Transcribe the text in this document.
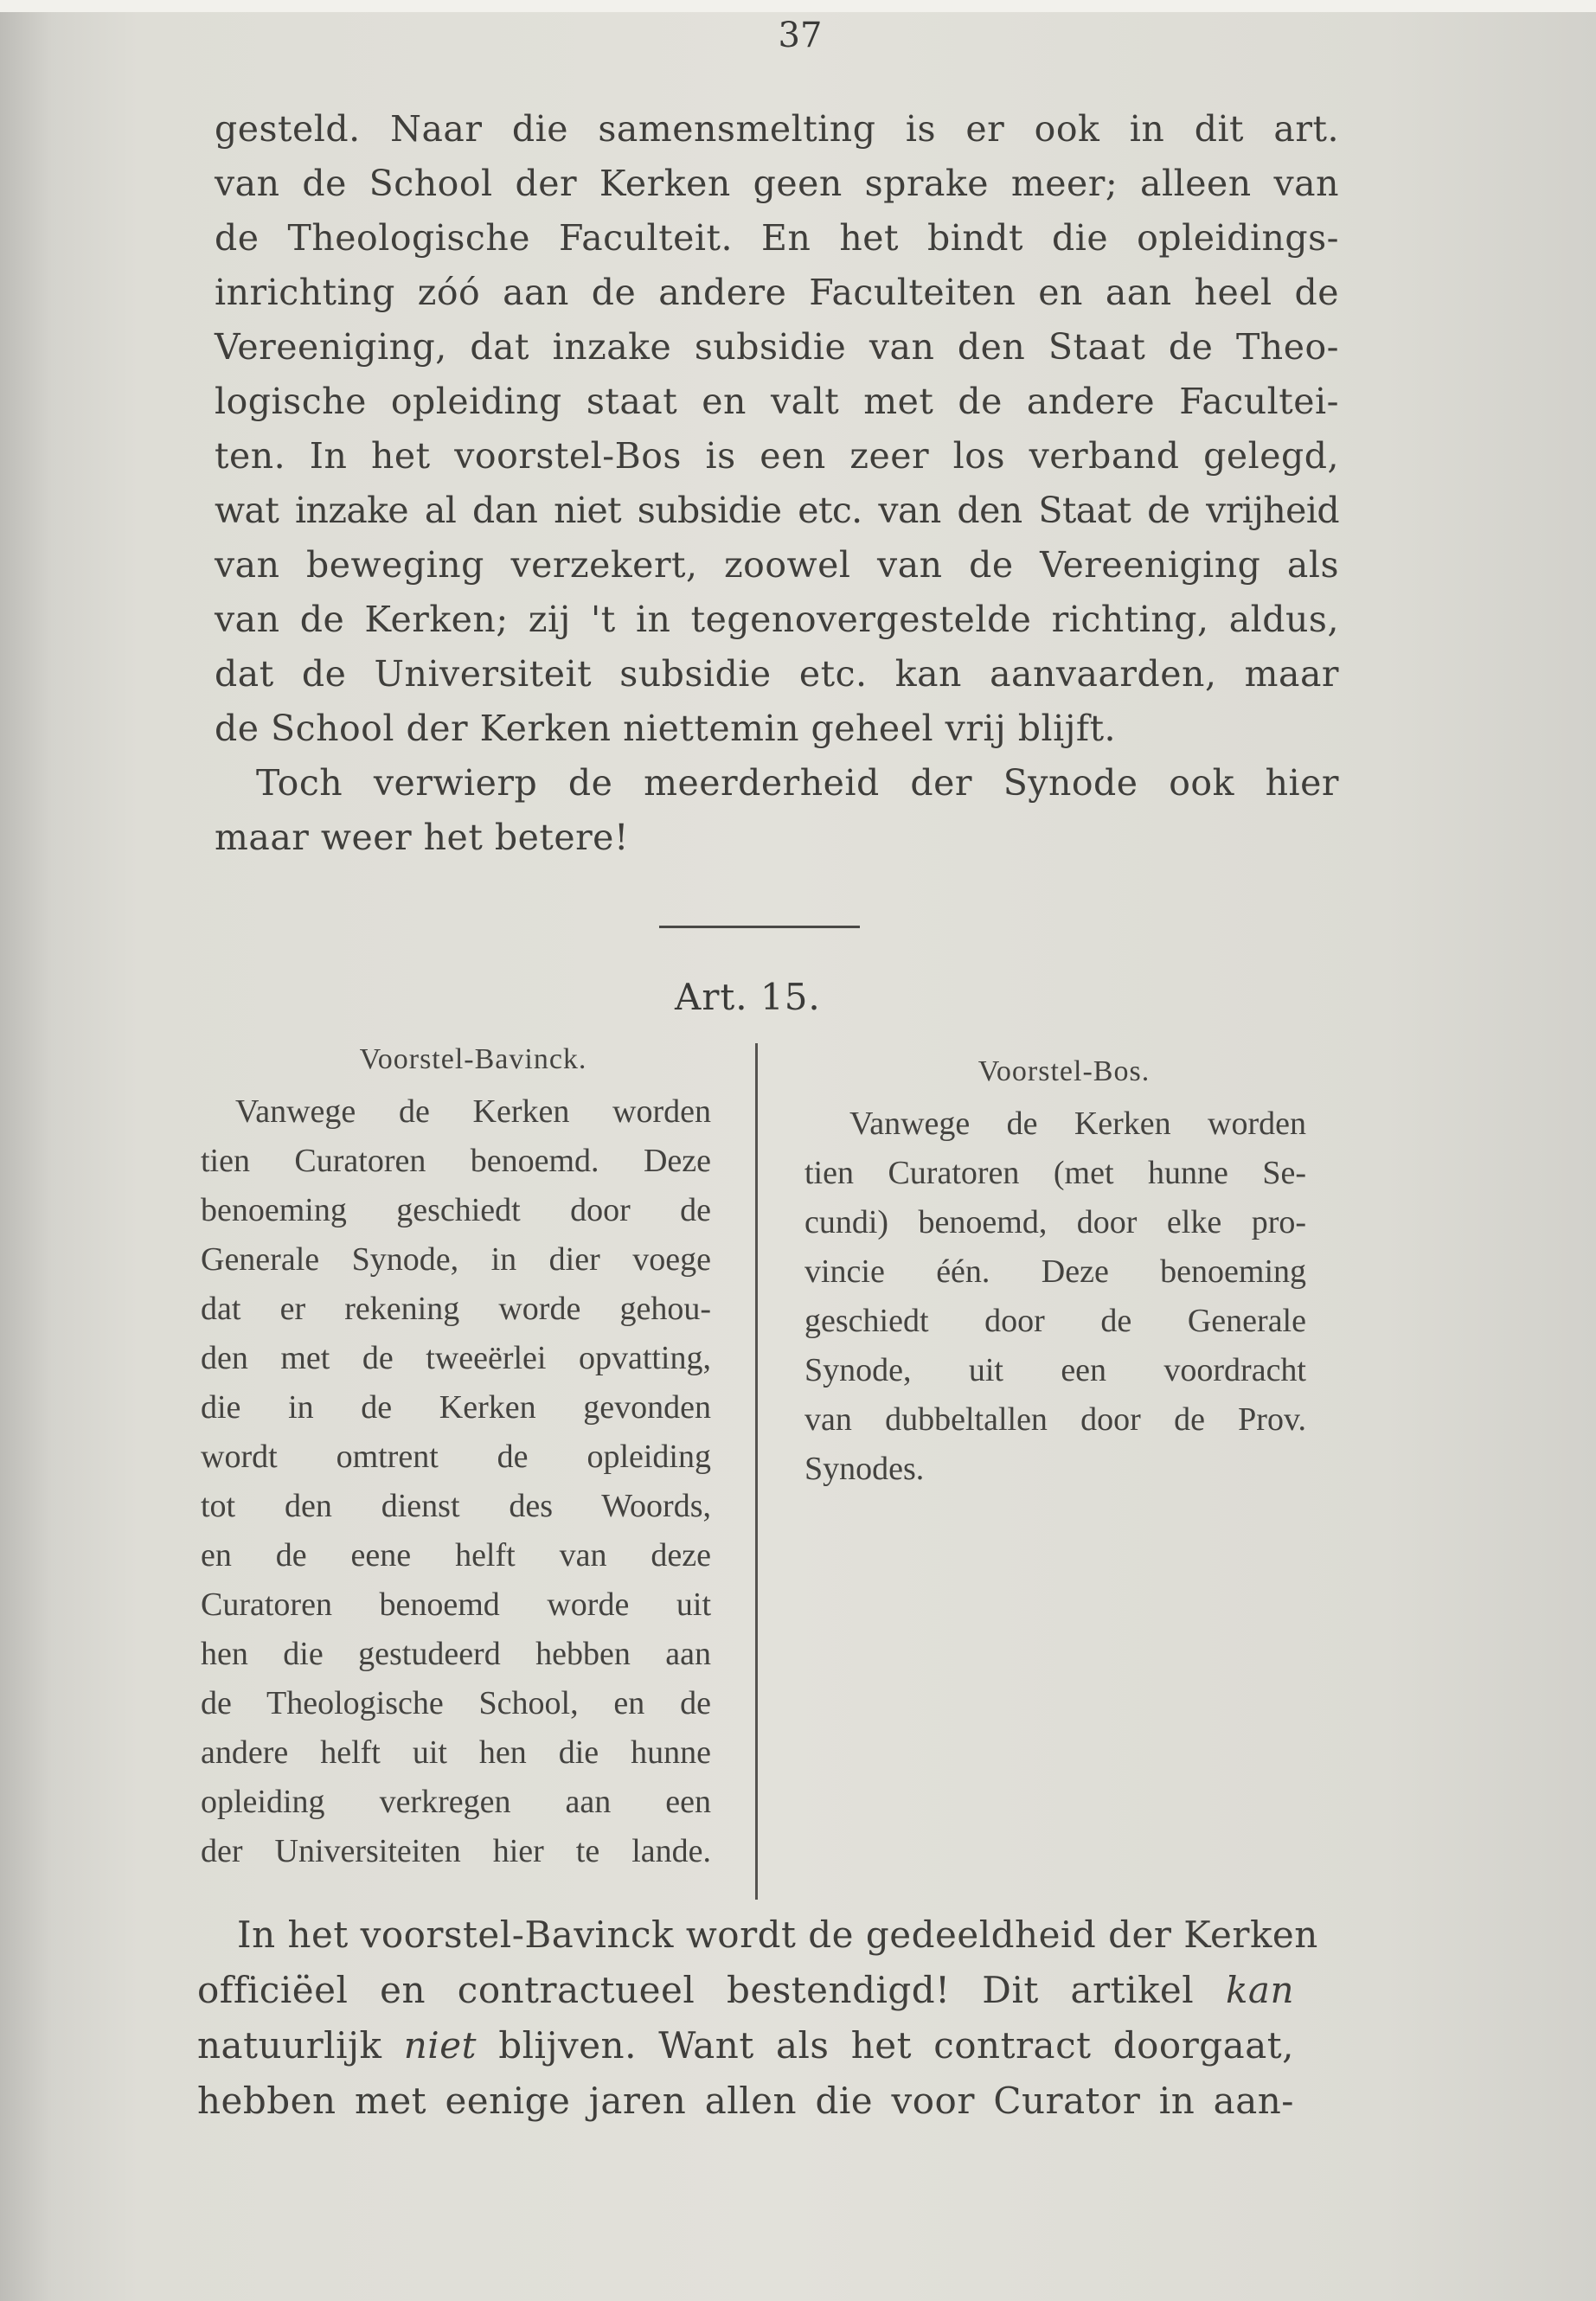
37
gesteld. Naar die samensmelting is er ook in dit art.
van de School der Kerken geen sprake meer; alleen van
de Theologische Faculteit. En het bindt die opleidings-
inrichting zóó aan de andere Faculteiten en aan heel de
Vereeniging, dat inzake subsidie van den Staat de Theo-
logische opleiding staat en valt met de andere Facultei-
ten. In het voorstel-Bos is een zeer los verband gelegd,
wat inzake al dan niet subsidie etc. van den Staat de vrijheid
van beweging verzekert, zoowel van de Vereeniging als
van de Kerken; zij 't in tegenovergestelde richting, aldus,
dat de Universiteit subsidie etc. kan aanvaarden, maar
de School der Kerken niettemin geheel vrij blijft.
Toch verwierp de meerderheid der Synode ook hier
maar weer het betere!
Art. 15.
Voorstel-Bavinck.
Vanwege de Kerken worden
tien Curatoren benoemd. Deze
benoeming geschiedt door de
Generale Synode, in dier voege
dat er rekening worde gehou-
den met de tweeërlei opvatting,
die in de Kerken gevonden
wordt omtrent de opleiding
tot den dienst des Woords,
en de eene helft van deze
Curatoren benoemd worde uit
hen die gestudeerd hebben aan
de Theologische School, en de
andere helft uit hen die hunne
opleiding verkregen aan een
der Universiteiten hier te lande.
Voorstel-Bos.
Vanwege de Kerken worden
tien Curatoren (met hunne Se-
cundi) benoemd, door elke pro-
vincie één. Deze benoeming
geschiedt door de Generale
Synode, uit een voordracht
van dubbeltallen door de Prov.
Synodes.
In het voorstel-Bavinck wordt de gedeeldheid der Kerken
officiëel en contractueel bestendigd! Dit artikel kan
natuurlijk niet blijven. Want als het contract doorgaat,
hebben met eenige jaren allen die voor Curator in aan-
